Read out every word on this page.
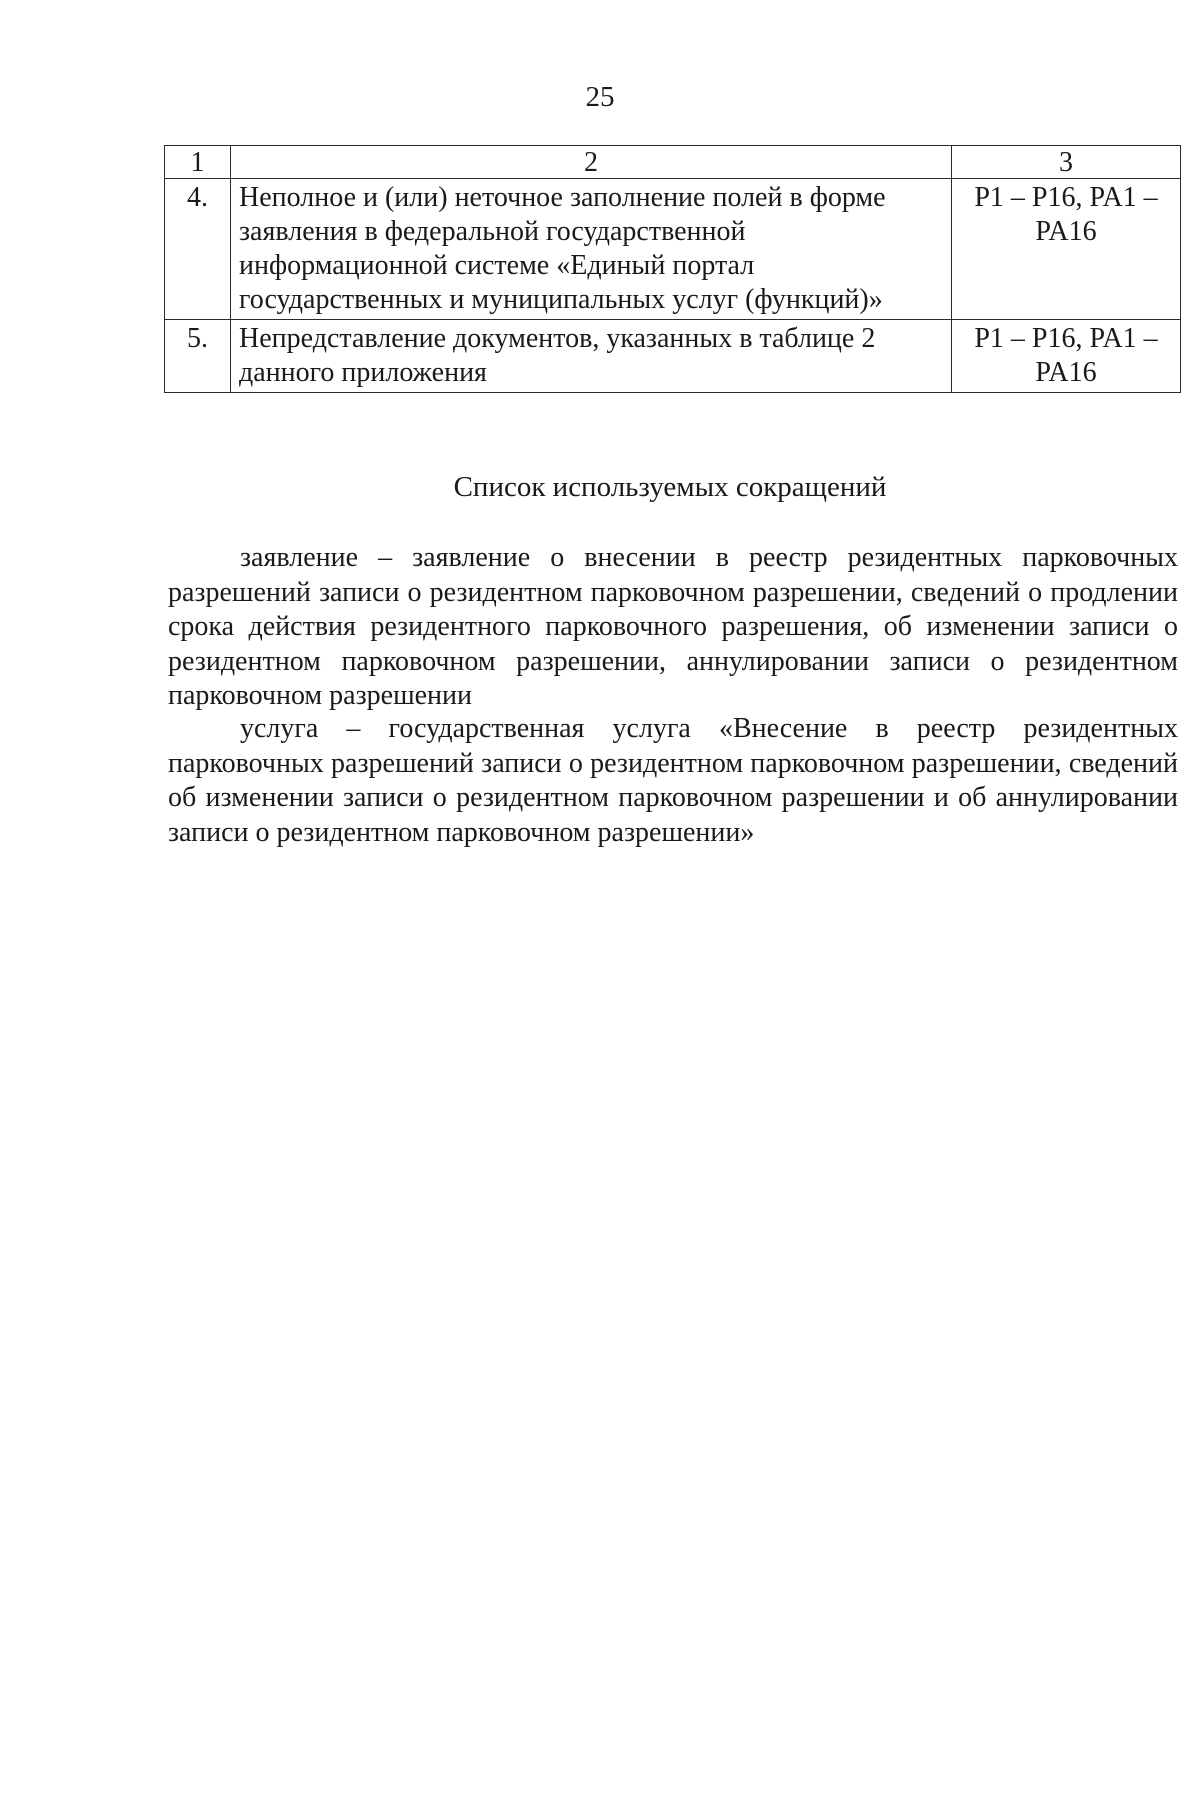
25
1	2	3
4.	Неполное и (или) неточное заполнение полей в форме заявления в федеральной государственной информационной системе «Единый портал государственных и муниципальных услуг (функций)»	P1 – P16, PA1 – PA16
5.	Непредставление документов, указанных в таблице 2 данного приложения	P1 – P16, PA1 – PA16
Список используемых сокращений

заявление – заявление о внесении в реестр резидентных парковочных разрешений записи о резидентном парковочном разрешении, сведений о продлении срока действия резидентного парковочного разрешения, об изменении записи о резидентном парковочном разрешении, аннулировании записи о резидентном парковочном разрешении

услуга – государственная услуга «Внесение в реестр резидентных парковочных разрешений записи о резидентном парковочном разрешении, сведений об изменении записи о резидентном парковочном разрешении и об аннулировании записи о резидентном парковочном разрешении»
